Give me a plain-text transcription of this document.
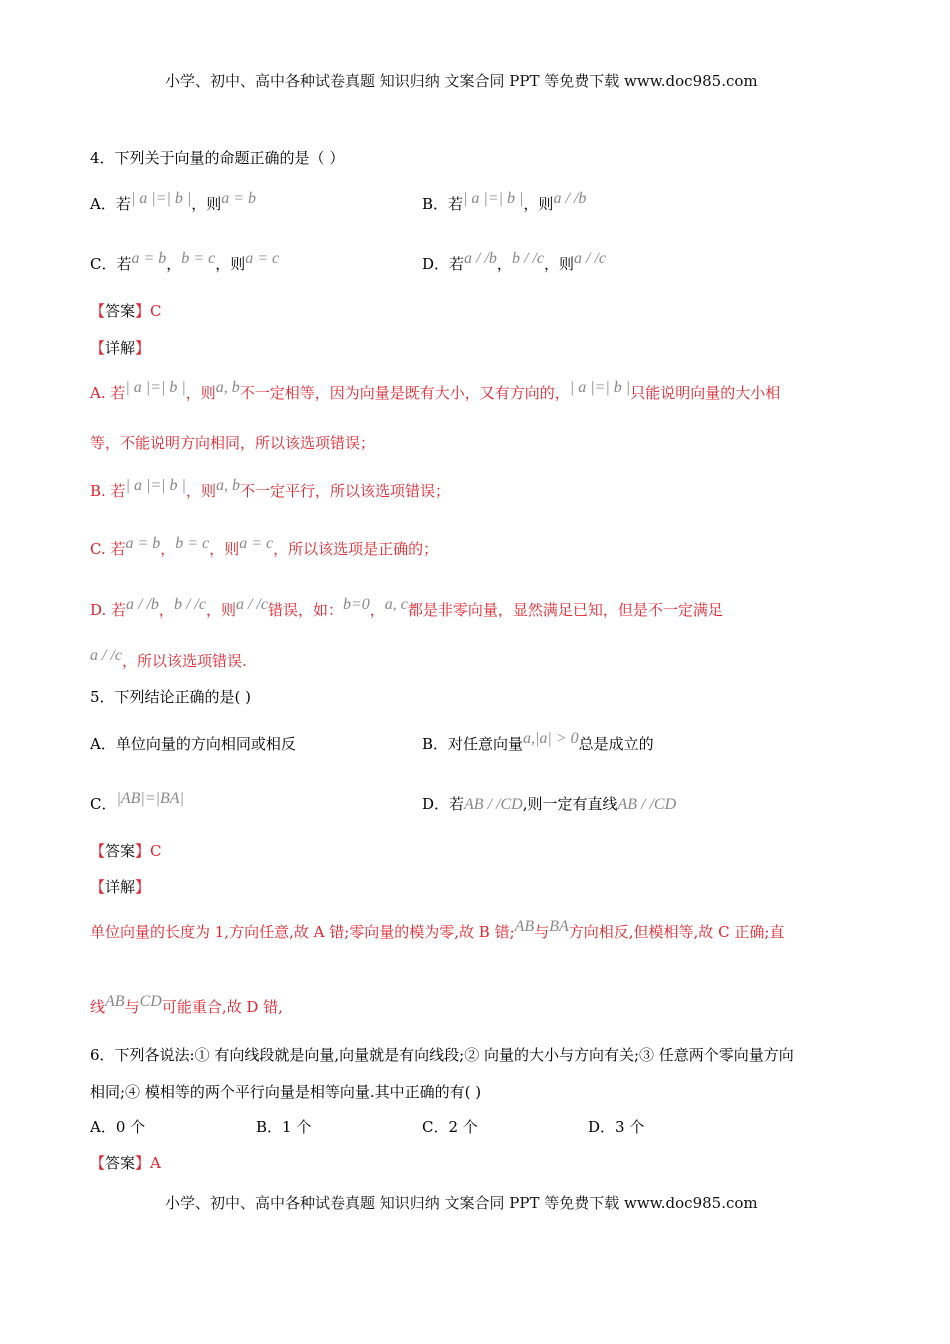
小学、初中、高中各种试卷真题 知识归纳 文案合同 PPT 等免费下载 www.doc985.com
4．下列关于向量的命题正确的是（ ）
A．若| a |=| b |，则a = b	B．若| a |=| b |，则a / /b
C．若a = b，b = c，则a = c	D．若a / /b，b / /c，则a / /c
【答案】C
【详解】
A. 若| a |=| b |，则a, b不一定相等，因为向量是既有大小，又有方向的，| a |=| b |只能说明向量的大小相
等，不能说明方向相同，所以该选项错误；
B. 若| a |=| b |，则a, b不一定平行，所以该选项错误；
C. 若a = b，b = c，则a = c，所以该选项是正确的；
D. 若a / /b，b / /c，则a / /c错误，如：b=0，a, c都是非零向量，显然满足已知，但是不一定满足
a / /c，所以该选项错误.
5．下列结论正确的是( )
A．单位向量的方向相同或相反	B．对任意向量a,|a| > 0总是成立的
C．|AB|=|BA|	D．若AB / /CD,则一定有直线AB / /CD
【答案】C
【详解】
单位向量的长度为 1,方向任意,故 A 错;零向量的模为零,故 B 错;AB与BA方向相反,但模相等,故 C 正确;直
线AB与CD可能重合,故 D 错,
6．下列各说法:① 有向线段就是向量,向量就是有向线段;② 向量的大小与方向有关;③ 任意两个零向量方向
相同;④ 模相等的两个平行向量是相等向量.其中正确的有( )
A．0 个	B．1 个	C．2 个	D．3 个
【答案】A
小学、初中、高中各种试卷真题 知识归纳 文案合同 PPT 等免费下载 www.doc985.com
